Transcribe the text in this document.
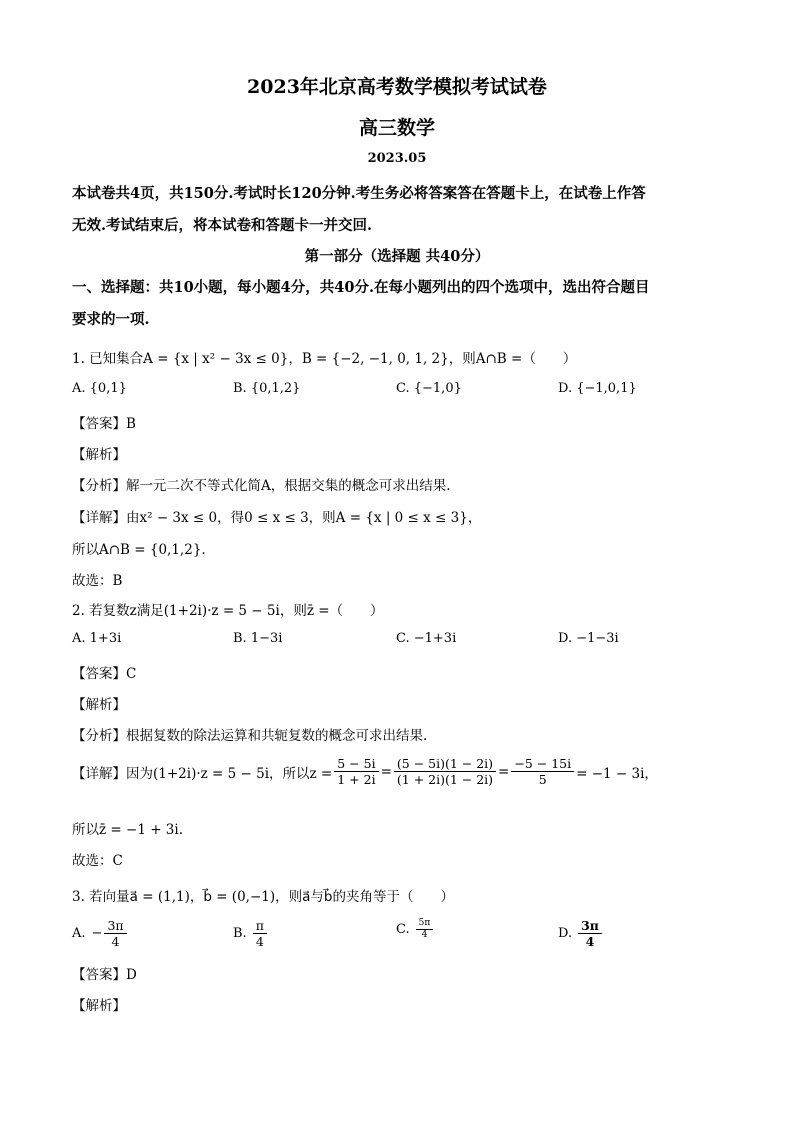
2023年北京高考数学模拟考试试卷
高三数学
2023.05
本试卷共4页，共150分.考试时长120分钟.考生务必将答案答在答题卡上，在试卷上作答
无效.考试结束后，将本试卷和答题卡一并交回.
第一部分（选择题 共40分）
一、选择题：共10小题，每小题4分，共40分.在每小题列出的四个选项中，选出符合题目
要求的一项.
1. 已知集合A = {x | x² − 3x ≤ 0}，B = {−2, −1, 0, 1, 2}，则A∩B =（　　）
A. {0,1}	B. {0,1,2}	C. {−1,0}	D. {−1,0,1}
【答案】B
【解析】
【分析】解一元二次不等式化简A，根据交集的概念可求出结果.
【详解】由x² − 3x ≤ 0，得0 ≤ x ≤ 3，则A = {x | 0 ≤ x ≤ 3}，
所以A∩B = {0,1,2}.
故选：B
2. 若复数z满足(1+2i)·z = 5 − 5i，则z̄ =（　　）
A. 1+3i	B. 1−3i	C. −1+3i	D. −1−3i
【答案】C
【解析】
【分析】根据复数的除法运算和共轭复数的概念可求出结果.
【详解】因为(1+2i)·z = 5 − 5i，所以$z = \frac{5 - 5i}{1 + 2i} = \frac{(5 - 5i)(1 - 2i)}{(1 + 2i)(1 - 2i)} = \frac{-5 - 15i}{5} = -1 - 3i$，
所以z̄ = −1 + 3i.
故选：C
3. 若向量a⃗ = (1,1)，b⃗ = (0,−1)，则a⃗与b⃗的夹角等于（　　）
A. − $\frac{3\pi}{4}$	B. $\frac{\pi}{4}$	C. $\frac{5\pi}{4}$	D. $\frac{3\pi}{4}$
【答案】D
【解析】
